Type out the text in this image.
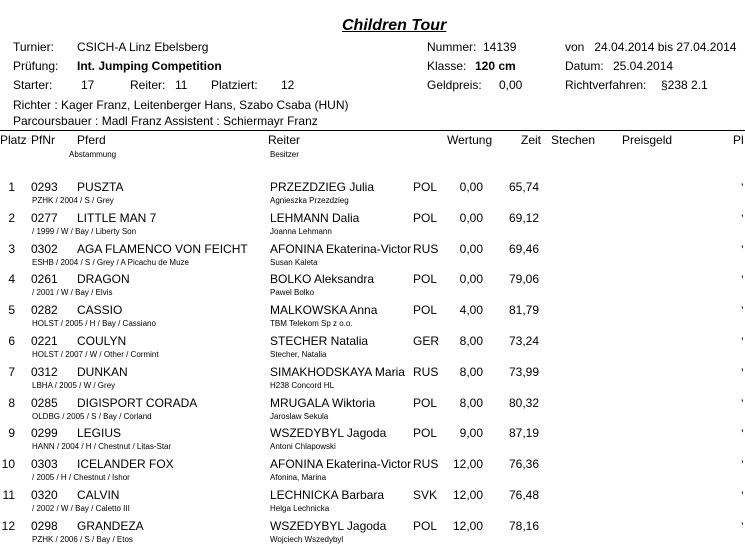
Children Tour
Turnier: CSICH-A Linz Ebelsberg
Prüfung: Int. Jumping Competition
Starter: 17	Reiter: 11 Platziert: 12
Nummer: 14139
Klasse: 120 cm
Geldpreis: 0,00
von   24.04.2014 bis 27.04.2014
Datum: 25.04.2014
Richtverfahren: §238 2.1
Richter : Kager Franz, Leitenberger Hans, Szabo Csaba (HUN)
Parcoursbauer : Madl Franz Assistent : Schiermayr Franz
Platz PfNr Pferd
Abstammung
Reiter
Besitzer
Wertung Zeit Stechen Preisgeld	Pl
1 0293 PUSZTA
PZHK / 2004 / S / Grey
PRZEZDZIEG Julia
Agnieszka Przezdzieg
POL	0,00	65,74	’
2 0277 LITTLE MAN 7
/ 1999 / W / Bay / Liberty Son
LEHMANN Dalia
Joanna Lehmann
POL	0,00	69,12	’
3 0302 AGA FLAMENCO VON FEICHT
ESHB / 2004 / S / Grey / A Picachu de Muze
AFONINA Ekaterina-Victor
Susan Kaleta
RUS	0,00	69,46	’
4 0261 DRAGON
/ 2001 / W / Bay / Elvis
BOLKO Aleksandra
Pawel Bolko
POL	0,00	79,06	’
5 0282 CASSIO
HOLST / 2005 / H / Bay / Cassiano
MALKOWSKA Anna
TBM Telekom Sp z o.o.
POL	4,00	81,79	’
6 0221 COULYN
HOLST / 2007 / W / Other / Cormint
STECHER Natalia
Stecher, Natalia
GER	8,00	73,24	’
7 0312 DUNKAN
LBHA / 2005 / W / Grey
SIMAKHODSKAYA Maria
H238 Concord HL
RUS	8,00	73,99	’
8 0285 DIGISPORT CORADA
OLDBG / 2005 / S / Bay / Corland
MRUGALA Wiktoria
Jaroslaw Sekula
POL	8,00	80,32	’
9 0299 LEGIUS
HANN / 2004 / H / Chestnut / Litas-Star
WSZEDYBYL Jagoda
Antoni Chlapowski
POL	9,00	87,19	’
10 0303 ICELANDER FOX
/ 2005 / H / Chestnut / Ishor
AFONINA Ekaterina-Victor
Afonina, Marina
RUS	12,00	76,36	’
11 0320 CALVIN
/ 2002 / W / Bay / Caletto III
LECHNICKA Barbara
Helga Lechnicka
SVK	12,00	76,48	’
12 0298 GRANDEZA
PZHK / 2006 / S / Bay / Etos
WSZEDYBYL Jagoda
Wojciech Wszedybyl
POL	12,00	78,16	’
